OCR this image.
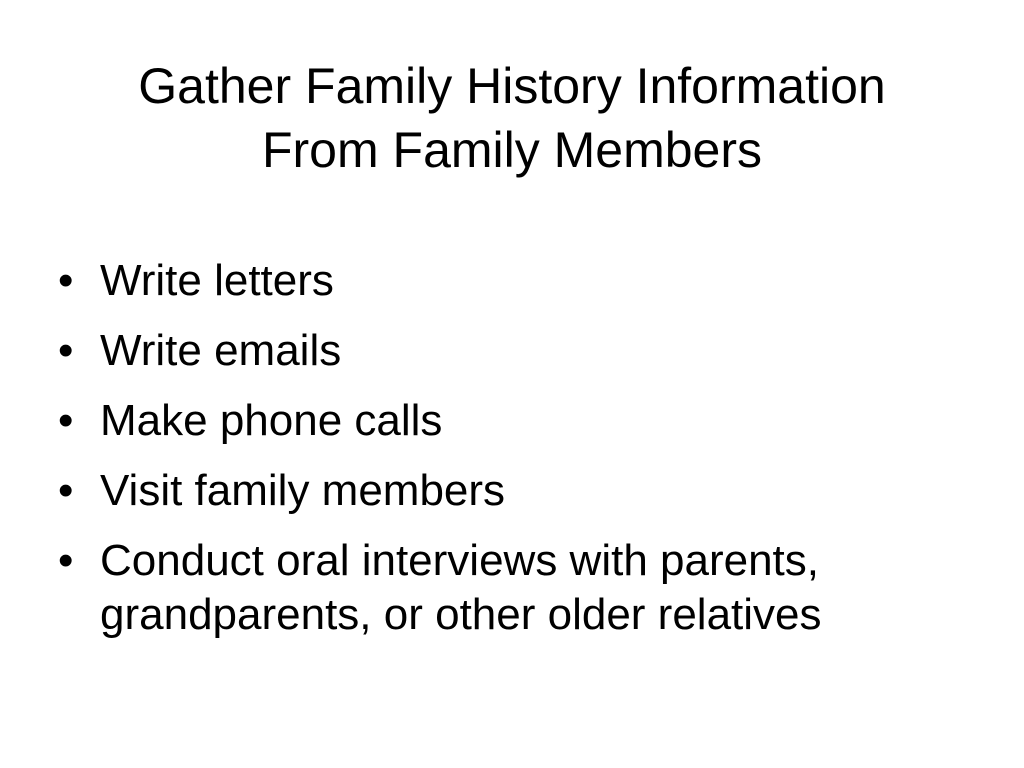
Gather Family History Information
From Family Members
• Write letters
• Write emails
• Make phone calls
• Visit family members
• Conduct oral interviews with parents, grandparents, or other older relatives
